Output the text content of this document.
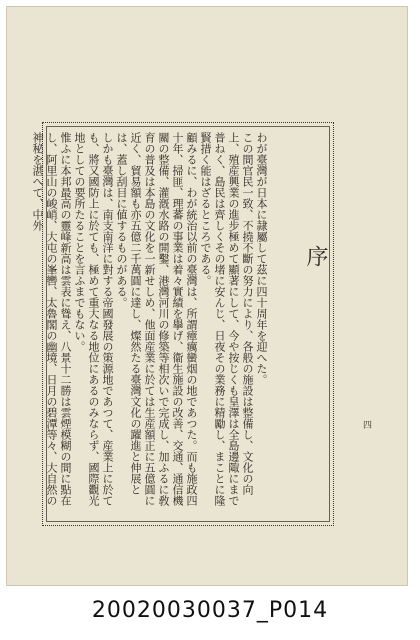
わが臺灣が日本に隷屬して茲に四十周年を迎へた。

この間官民一致、不撓不斷の努力により、各般の施設は整備し、文化の向上、殖産興業の進步極めて顯著にして、今や按じくも皇澤は全島邊陬にまで普ねく、島民は齊しくその堵に安んじ、日夜その業務に精勵し、まことに隆賢措く能はざるところである。

顧みるに、わが統治以前の臺灣は、所謂瘴癘蠻烟の地であつた。而も施政四十年、掃匪、理蕃の事業は着々實績を擧げ、衞生施設の改善、交通、通信機關の整備、灌漑水路の開鑿、港灣河川の修築等相次いで完成し、加ふるに敎育の普及は本島の文化を一新せしめ、他面産業に於ては生産額正に五億圓に近く、貿易額も亦五億二千萬圓に達し、燦然たる臺灣文化の躍進と伸展とは、蓋し刮目に値するものがある。

しかも臺灣は、南支南洋に對する帝國發展の策源地であつて、産業上に於ても、將又國防上に於ても、極めて重大なる地位にあるのみならず、國際觀光地としての要所たることを言ふまでもない。

惟ふに本邦最高の靈峰新高は雲表に聳え、八景十二勝は雲煙模糊の間に點在し、阿里山の峻峭、大屯の峯轡、太魯閣の幽境、日月の碧潭等々、大自然の神秘を湛へて、中外

序
四
20020030037_P014
